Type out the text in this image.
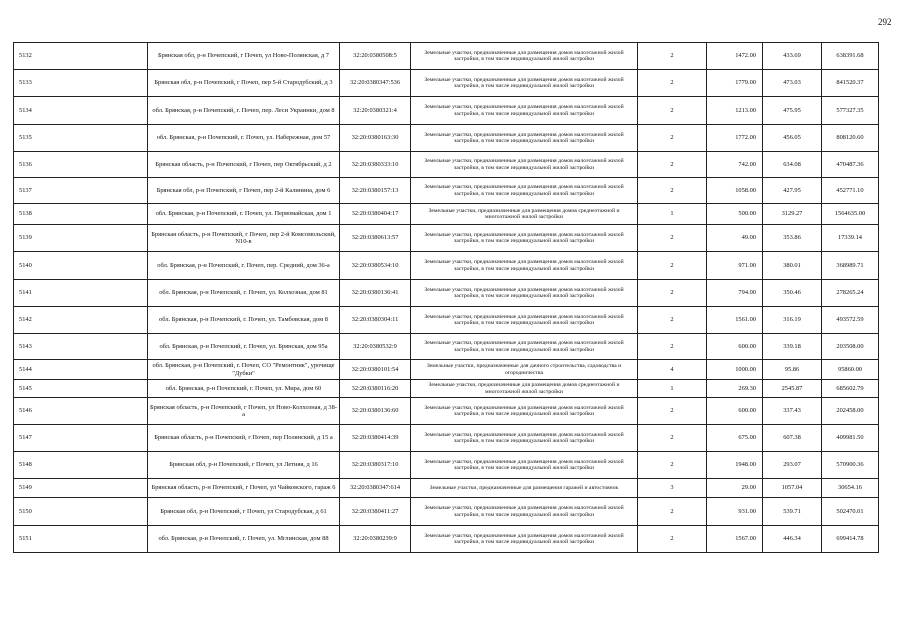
292
5132	Брянская обл, р-н Почепский, г Почеп, ул Ново-Полянская, д 7	32:20:0380508:5	Земельные участки, предназначенные для размещения домов малоэтажной жилой застройки, в том числе индивидуальной жилой застройки	2	1472.00	433.69	638391.68
5133	Брянская обл, р-н Почепский, г Почеп, пер 5-й Стародубский, д 3	32:20:0380347:536	Земельные участки, предназначенные для размещения домов малоэтажной жилой застройки, в том числе индивидуальной жилой застройки	2	1779.00	473.03	841520.37
5134	обл. Брянская, р-н Почепский, г. Почеп, пер. Леси Украинки, дом 8	32:20:0380321:4	Земельные участки, предназначенные для размещения домов малоэтажной жилой застройки, в том числе индивидуальной жилой застройки	2	1213.00	475.95	577327.35
5135	обл. Брянская, р-н Почепский, г. Почеп, ул. Набережная, дом 57	32:20:0380163:30	Земельные участки, предназначенные для размещения домов малоэтажной жилой застройки, в том числе индивидуальной жилой застройки	2	1772.00	456.05	808120.60
5136	Брянская область, р-н Почепский, г Почеп, пер Октябрьский, д 2	32:20:0380333:10	Земельные участки, предназначенные для размещения домов малоэтажной жилой застройки, в том числе индивидуальной жилой застройки	2	742.00	634.08	470487.36
5137	Брянская обл, р-н Почепский, г Почеп, пер 2-й Калинина, дом 6	32:20:0380157:13	Земельные участки, предназначенные для размещения домов малоэтажной жилой застройки, в том числе индивидуальной жилой застройки	2	1058.00	427.95	452771.10
5138	обл. Брянская, р-н Почепский, г. Почеп, ул. Первомайская, дом 1	32:20:0380404:17	Земельные участки, предназначенные для размещения домов среднеэтажной и многоэтажной жилой застройки	1	500.00	3129.27	1564635.00
5139	Брянская область, р-н Почепский, г Почеп, пер 2-й Комсомольский, N10-в	32:20:0380613:57	Земельные участки, предназначенные для размещения домов малоэтажной жилой застройки, в том числе индивидуальной жилой застройки	2	49.00	353.86	17339.14
5140	обл. Брянская, р-н Почепский, г. Почеп, пер. Средний, дом 36-а	32:20:0380534:10	Земельные участки, предназначенные для размещения домов малоэтажной жилой застройки, в том числе индивидуальной жилой застройки	2	971.00	380.01	368989.71
5141	обл. Брянская, р-н Почепский, г. Почеп, ул. Колхозная, дом 81	32:20:0380136:41	Земельные участки, предназначенные для размещения домов малоэтажной жилой застройки, в том числе индивидуальной жилой застройки	2	794.00	350.46	278265.24
5142	обл. Брянская, р-н Почепский, г. Почеп, ул. Тамбовская, дом 8	32:20:0380304:11	Земельные участки, предназначенные для размещения домов малоэтажной жилой застройки, в том числе индивидуальной жилой застройки	2	1561.00	316.19	493572.59
5143	обл. Брянская, р-н Почепский, г. Почеп, ул. Брянская, дом 95а	32:20:0380532:9	Земельные участки, предназначенные для размещения домов малоэтажной жилой застройки, в том числе индивидуальной жилой застройки	2	600.00	339.18	203508.00
5144	обл. Брянская, р-н Почепский, г. Почеп, СО "Ремонтник", урочище "Дубки"	32:20:0380101:54	Земельные участки, предназначенные для дачного строительства, садоводства и огородничества	4	1000.00	95.86	95860.00
5145	обл. Брянская, р-н Почепский, г. Почеп, ул. Мира, дом 60	32:20:0380116:20	Земельные участки, предназначенные для размещения домов среднеэтажной и многоэтажной жилой застройки	1	269.30	2545.87	685602.79
5146	Брянская область, р-н Почепский, г Почеп, ул Ново-Колхозная, д 38-а	32:20:0380136:60	Земельные участки, предназначенные для размещения домов малоэтажной жилой застройки, в том числе индивидуальной жилой застройки	2	600.00	337.43	202458.00
5147	Брянская область, р-н Почепский, г Почеп, пер Полянский, д 15 а	32:20:0380414:39	Земельные участки, предназначенные для размещения домов малоэтажной жилой застройки, в том числе индивидуальной жилой застройки	2	675.00	607.38	409981.50
5148	Брянская обл, р-н Почепский, г Почеп, ул Летняя, д 16	32:20:0380317:10	Земельные участки, предназначенные для размещения домов малоэтажной жилой застройки, в том числе индивидуальной жилой застройки	2	1948.00	293.07	570900.36
5149	Брянская область, р-н Почепский, г Почеп, ул Чайковского, гараж 6	32:20:0380347:614	Земельные участки, предназначенные для размещения гаражей и автостоянок	3	29.00	1057.04	30654.16
5150	Брянская обл, р-н Почепский, г Почеп, ул Стародубская, д 61	32:20:0380411:27	Земельные участки, предназначенные для размещения домов малоэтажной жилой застройки, в том числе индивидуальной жилой застройки	2	931.00	539.71	502470.01
5151	обл. Брянская, р-н Почепский, г. Почеп, ул. Мглинская, дом 88	32:20:0380239:9	Земельные участки, предназначенные для размещения домов малоэтажной жилой застройки, в том числе индивидуальной жилой застройки	2	1567.00	446.34	699414.78
